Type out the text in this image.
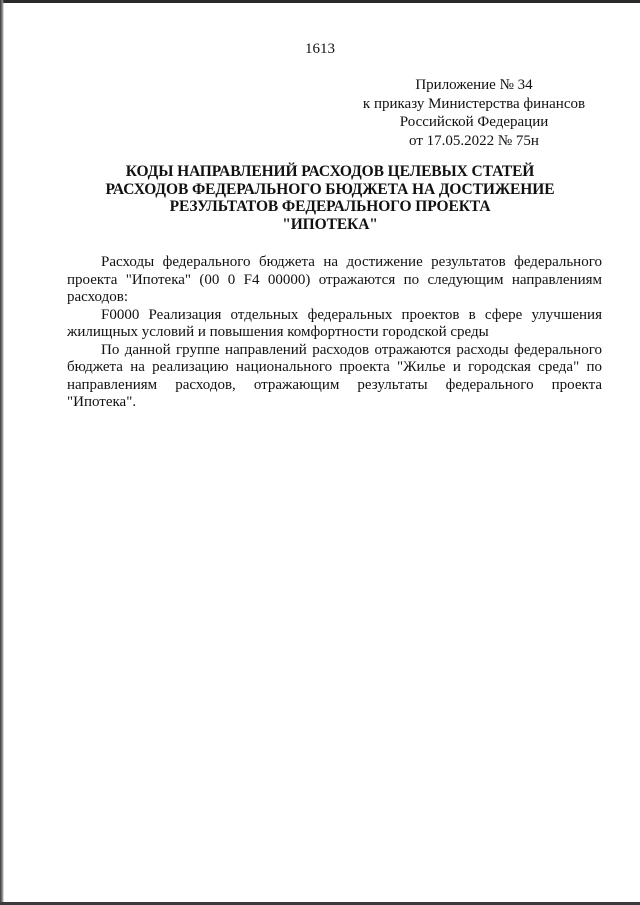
1613
Приложение № 34
к приказу Министерства финансов
Российской Федерации
от 17.05.2022 № 75н
КОДЫ НАПРАВЛЕНИЙ РАСХОДОВ ЦЕЛЕВЫХ СТАТЕЙ
РАСХОДОВ ФЕДЕРАЛЬНОГО БЮДЖЕТА НА ДОСТИЖЕНИЕ
РЕЗУЛЬТАТОВ ФЕДЕРАЛЬНОГО ПРОЕКТА
"ИПОТЕКА"

Расходы федерального бюджета на достижение результатов федерального проекта "Ипотека" (00 0 F4 00000) отражаются по следующим направлениям расходов:

F0000 Реализация отдельных федеральных проектов в сфере улучшения жилищных условий и повышения комфортности городской среды

По данной группе направлений расходов отражаются расходы федерального бюджета на реализацию национального проекта "Жилье и городская среда" по направлениям расходов, отражающим результаты федерального проекта "Ипотека".
